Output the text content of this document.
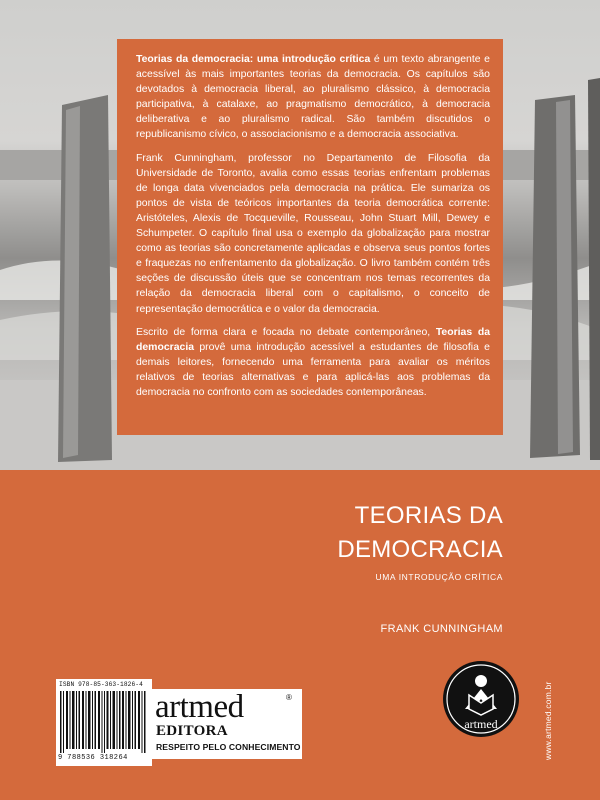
Teorias da democracia: uma introdução crítica é um texto abrangente e acessível às mais importantes teorias da democracia. Os capítulos são devotados à democracia liberal, ao pluralismo clássico, à democracia participativa, à catalaxe, ao pragmatismo democrático, à democracia deliberativa e ao pluralismo radical. São também discutidos o republicanismo cívico, o associacionismo e a democracia associativa.

Frank Cunningham, professor no Departamento de Filosofia da Universidade de Toronto, avalia como essas teorias enfrentam problemas de longa data vivenciados pela democracia na prática. Ele sumariza os pontos de vista de teóricos importantes da teoria democrática corrente: Aristóteles, Alexis de Tocqueville, Rousseau, John Stuart Mill, Dewey e Schumpeter. O capítulo final usa o exemplo da globalização para mostrar como as teorias são concretamente aplicadas e observa seus pontos fortes e fraquezas no enfrentamento da globalização. O livro também contém três seções de discussão úteis que se concentram nos temas recorrentes da relação da democracia liberal com o capitalismo, o conceito de representação democrática e o valor da democracia.

Escrito de forma clara e focada no debate contemporâneo, Teorias da democracia provê uma introdução acessível a estudantes de filosofia e demais leitores, fornecendo uma ferramenta para avaliar os méritos relativos de teorias alternativas e para aplicá-las aos problemas da democracia no confronto com as sociedades contemporâneas.

TEORIAS DA
DEMOCRACIA
UMA INTRODUÇÃO CRÍTICA
FRANK CUNNINGHAM
ISBN 978-85-363-1826-4
9 788536 318264
artmed	®
EDITORA
RESPEITO PELO CONHECIMENTO
artmed	www.artmed.com.br
